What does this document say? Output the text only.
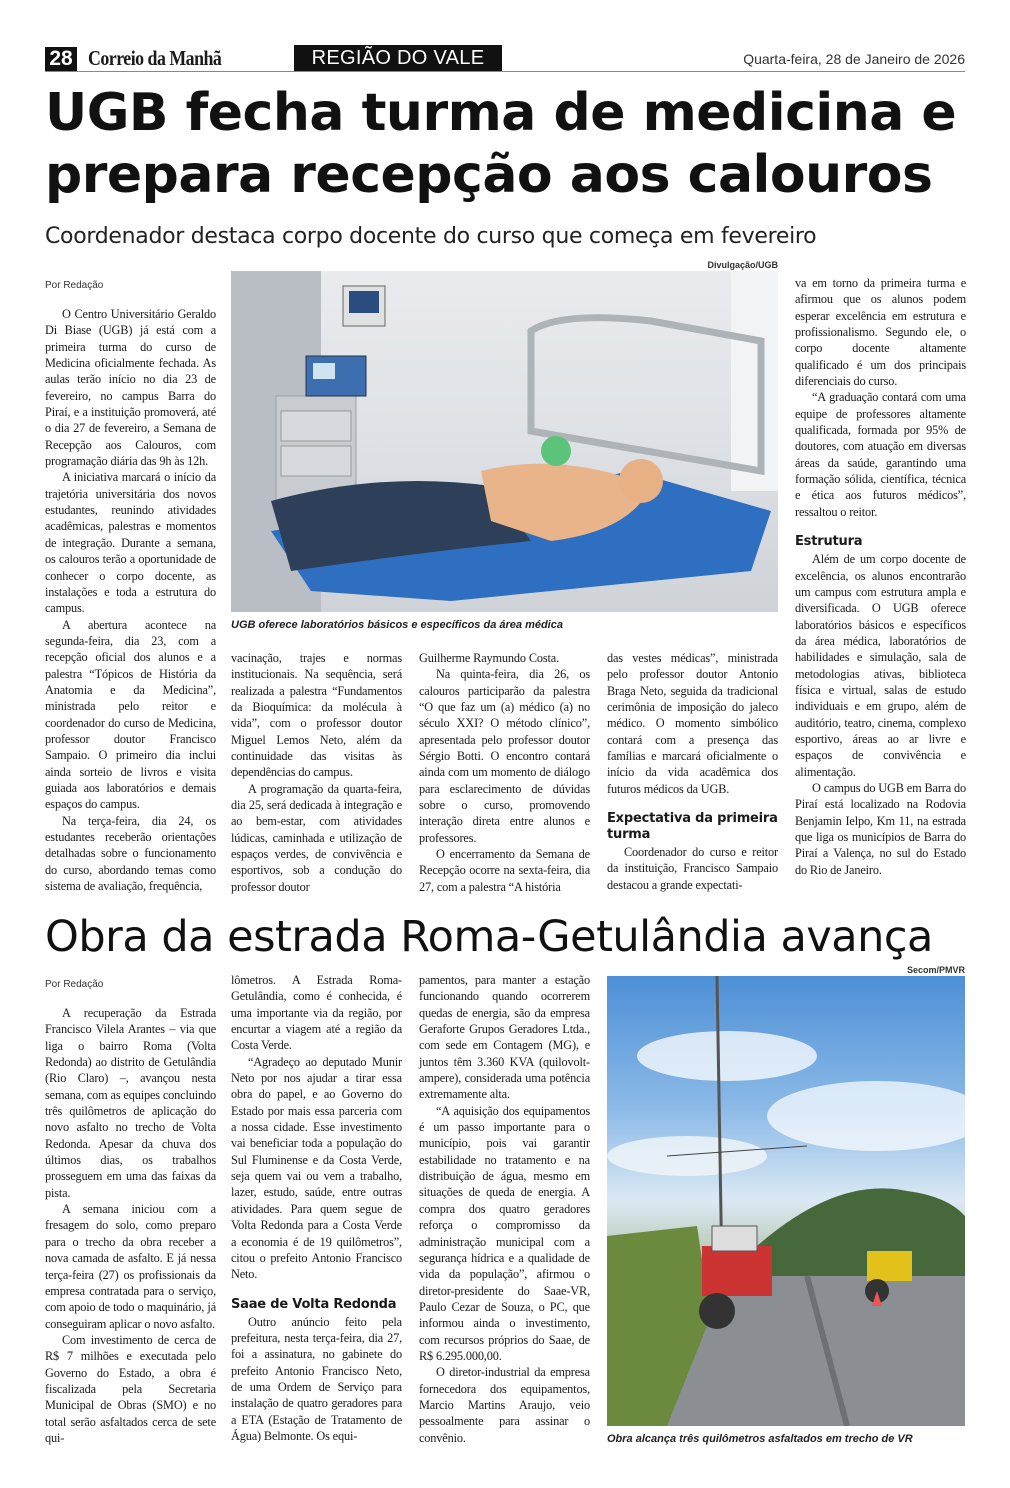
28 Correio da Manhã	REGIÃO DO VALE	Quarta-feira, 28 de Janeiro de 2026
UGB fecha turma de medicina e prepara recepção aos calouros
Coordenador destaca corpo docente do curso que começa em fevereiro
Por Redação

O Centro Universitário Geraldo Di Biase (UGB) já está com a primeira turma do curso de Medicina oficialmente fechada. As aulas terão início no dia 23 de fevereiro, no campus Barra do Piraí, e a instituição promoverá, até o dia 27 de fevereiro, a Semana de Recepção aos Calouros, com programação diária das 9h às 12h.

A iniciativa marcará o início da trajetória universitária dos novos estudantes, reunindo atividades acadêmicas, palestras e momentos de integração. Durante a semana, os calouros terão a oportunidade de conhecer o corpo docente, as instalações e toda a estrutura do campus.

A abertura acontece na segunda-feira, dia 23, com a recepção oficial dos alunos e a palestra “Tópicos de História da Anatomia e da Medicina”, ministrada pelo reitor e coordenador do curso de Medicina, professor doutor Francisco Sampaio. O primeiro dia inclui ainda sorteio de livros e visita guiada aos laboratórios e demais espaços do campus.

Na terça-feira, dia 24, os estudantes receberão orientações detalhadas sobre o funcionamento do curso, abordando temas como sistema de avaliação, frequência,

Divulgação/UGB
UGB oferece laboratórios básicos e específicos da área médica

vacinação, trajes e normas institucionais. Na sequência, será realizada a palestra “Fundamentos da Bioquímica: da molécula à vida”, com o professor doutor Miguel Lemos Neto, além da continuidade das visitas às dependências do campus.

A programação da quarta-feira, dia 25, será dedicada à integração e ao bem-estar, com atividades lúdicas, caminhada e utilização de espaços verdes, de convivência e esportivos, sob a condução do professor doutor

Guilherme Raymundo Costa.

Na quinta-feira, dia 26, os calouros participarão da palestra “O que faz um (a) médico (a) no século XXI? O método clínico”, apresentada pelo professor doutor Sérgio Botti. O encontro contará ainda com um momento de diálogo para esclarecimento de dúvidas sobre o curso, promovendo interação direta entre alunos e professores.

O encerramento da Semana de Recepção ocorre na sexta-feira, dia 27, com a palestra “A história

das vestes médicas”, ministrada pelo professor doutor Antonio Braga Neto, seguida da tradicional cerimônia de imposição do jaleco médico. O momento simbólico contará com a presença das famílias e marcará oficialmente o início da vida acadêmica dos futuros médicos da UGB.

Expectativa da primeira turma

Coordenador do curso e reitor da instituição, Francisco Sampaio destacou a grande expectati-

va em torno da primeira turma e afirmou que os alunos podem esperar excelência em estrutura e profissionalismo. Segundo ele, o corpo docente altamente qualificado é um dos principais diferenciais do curso.

“A graduação contará com uma equipe de professores altamente qualificada, formada por 95% de doutores, com atuação em diversas áreas da saúde, garantindo uma formação sólida, científica, técnica e ética aos futuros médicos”, ressaltou o reitor.

Estrutura

Além de um corpo docente de excelência, os alunos encontrarão um campus com estrutura ampla e diversificada. O UGB oferece laboratórios básicos e específicos da área médica, laboratórios de habilidades e simulação, sala de metodologias ativas, biblioteca física e virtual, salas de estudo individuais e em grupo, além de auditório, teatro, cinema, complexo esportivo, áreas ao ar livre e espaços de convivência e alimentação.

O campus do UGB em Barra do Piraí está localizado na Rodovia Benjamin Ielpo, Km 11, na estrada que liga os municípios de Barra do Piraí a Valença, no sul do Estado do Rio de Janeiro.

Obra da estrada Roma-Getulândia avança
Por Redação

A recuperação da Estrada Francisco Vilela Arantes – via que liga o bairro Roma (Volta Redonda) ao distrito de Getulândia (Rio Claro) –, avançou nesta semana, com as equipes concluindo três quilômetros de aplicação do novo asfalto no trecho de Volta Redonda. Apesar da chuva dos últimos dias, os trabalhos prosseguem em uma das faixas da pista.

A semana iniciou com a fresagem do solo, como preparo para o trecho da obra receber a nova camada de asfalto. E já nessa terça-feira (27) os profissionais da empresa contratada para o serviço, com apoio de todo o maquinário, já conseguiram aplicar o novo asfalto.

Com investimento de cerca de R$ 7 milhões e executada pelo Governo do Estado, a obra é fiscalizada pela Secretaria Municipal de Obras (SMO) e no total serão asfaltados cerca de sete qui-

lômetros. A Estrada Roma-Getulândia, como é conhecida, é uma importante via da região, por encurtar a viagem até a região da Costa Verde.

“Agradeço ao deputado Munir Neto por nos ajudar a tirar essa obra do papel, e ao Governo do Estado por mais essa parceria com a nossa cidade. Esse investimento vai beneficiar toda a população do Sul Fluminense e da Costa Verde, seja quem vai ou vem a trabalho, lazer, estudo, saúde, entre outras atividades. Para quem segue de Volta Redonda para a Costa Verde a economia é de 19 quilômetros”, citou o prefeito Antonio Francisco Neto.

Saae de Volta Redonda

Outro anúncio feito pela prefeitura, nesta terça-feira, dia 27, foi a assinatura, no gabinete do prefeito Antonio Francisco Neto, de uma Ordem de Serviço para instalação de quatro geradores para a ETA (Estação de Tratamento de Água) Belmonte. Os equi-

pamentos, para manter a estação funcionando quando ocorrerem quedas de energia, são da empresa Geraforte Grupos Geradores Ltda., com sede em Contagem (MG), e juntos têm 3.360 KVA (quilovolt-ampere), considerada uma potência extremamente alta.

“A aquisição dos equipamentos é um passo importante para o município, pois vai garantir estabilidade no tratamento e na distribuição de água, mesmo em situações de queda de energia. A compra dos quatro geradores reforça o compromisso da administração municipal com a segurança hídrica e a qualidade de vida da população”, afirmou o diretor-presidente do Saae-VR, Paulo Cezar de Souza, o PC, que informou ainda o investimento, com recursos próprios do Saae, de R$ 6.295.000,00.

O diretor-industrial da empresa fornecedora dos equipamentos, Marcio Martins Araujo, veio pessoalmente para assinar o convênio.

Secom/PMVR
Obra alcança três quilômetros asfaltados em trecho de VR
